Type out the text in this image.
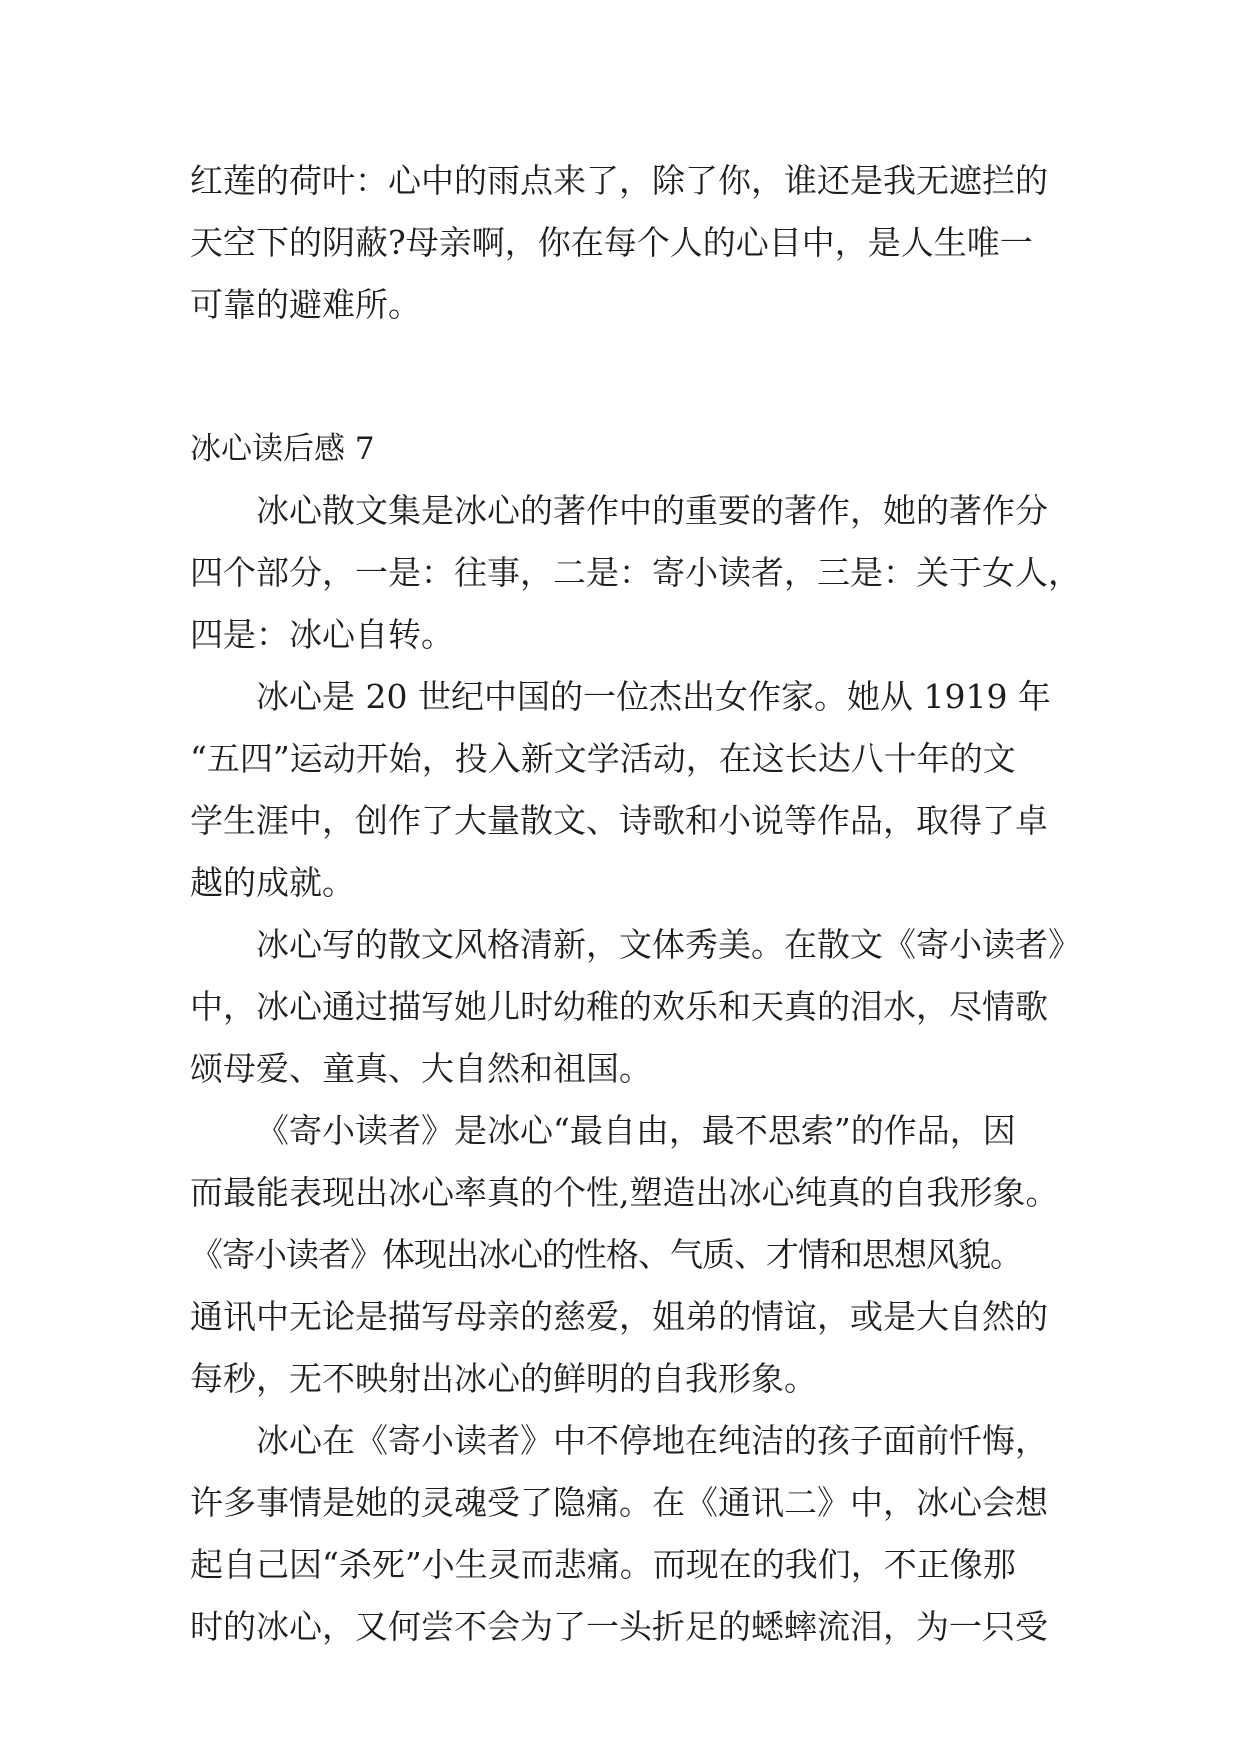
红莲的荷叶：心中的雨点来了，除了你，谁还是我无遮拦的
天空下的阴蔽?母亲啊，你在每个人的心目中，是人生唯一
可靠的避难所。
冰心读后感 7
冰心散文集是冰心的著作中的重要的著作，她的著作分
四个部分，一是：往事，二是：寄小读者，三是：关于女人，
四是：冰心自转。
冰心是 20 世纪中国的一位杰出女作家。她从 1919 年
“五四”运动开始，投入新文学活动，在这长达八十年的文
学生涯中，创作了大量散文、诗歌和小说等作品，取得了卓
越的成就。
冰心写的散文风格清新，文体秀美。在散文《寄小读者》
中，冰心通过描写她儿时幼稚的欢乐和天真的泪水，尽情歌
颂母爱、童真、大自然和祖国。
《寄小读者》是冰心“最自由，最不思索”的作品，因
而最能表现出冰心率真的个性,塑造出冰心纯真的自我形象。
《寄小读者》体现出冰心的性格、气质、才情和思想风貌。
通讯中无论是描写母亲的慈爱，姐弟的情谊，或是大自然的
每秒，无不映射出冰心的鲜明的自我形象。
冰心在《寄小读者》中不停地在纯洁的孩子面前忏悔，
许多事情是她的灵魂受了隐痛。在《通讯二》中，冰心会想
起自己因“杀死”小生灵而悲痛。而现在的我们，不正像那
时的冰心，又何尝不会为了一头折足的蟋蟀流泪，为一只受
